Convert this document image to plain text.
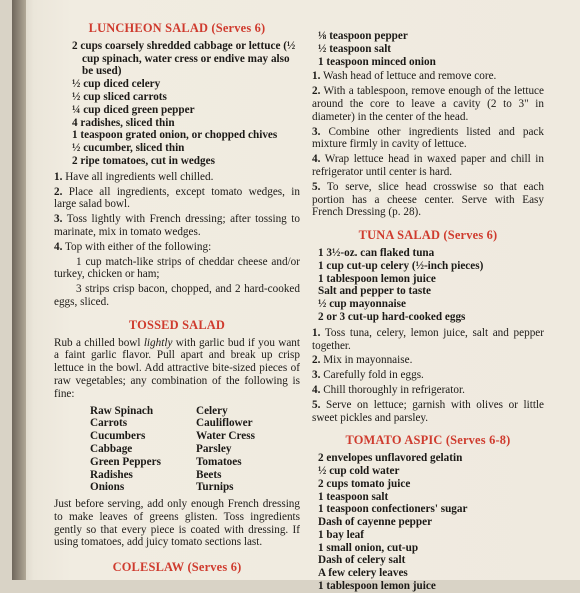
LUNCHEON SALAD (Serves 6)

2 cups coarsely shredded cabbage or lettuce (½ cup spinach, water cress or endive may also be used)

½ cup diced celery

½ cup sliced carrots

¼ cup diced green pepper

4 radishes, sliced thin

1 teaspoon grated onion, or chopped chives

½ cucumber, sliced thin

2 ripe tomatoes, cut in wedges

1. Have all ingredients well chilled.

2. Place all ingredients, except tomato wedges, in large salad bowl.

3. Toss lightly with French dressing; after tossing to marinate, mix in tomato wedges.

4. Top with either of the following:

1 cup match-like strips of cheddar cheese and/or turkey, chicken or ham;

3 strips crisp bacon, chopped, and 2 hard-cooked eggs, sliced.

TOSSED SALAD

Rub a chilled bowl lightly with garlic bud if you want a faint garlic flavor. Pull apart and break up crisp lettuce in the bowl. Add attractive bite-sized pieces of raw vegetables; any combination of the following is fine:

Raw Spinach
Carrots
Cucumbers
Cabbage
Green Peppers
Radishes
Onions
Celery
Cauliflower
Water Cress
Parsley
Tomatoes
Beets
Turnips

Just before serving, add only enough French dressing to make leaves of greens glisten. Toss ingredients gently so that every piece is coated with dressing. If using tomatoes, add juicy tomato sections last.

COLESLAW (Serves 6)

⅛ teaspoon pepper

½ teaspoon salt

1 teaspoon minced onion

1. Wash head of lettuce and remove core.

2. With a tablespoon, remove enough of the lettuce around the core to leave a cavity (2 to 3" in diameter) in the center of the head.

3. Combine other ingredients listed and pack mixture firmly in cavity of lettuce.

4. Wrap lettuce head in waxed paper and chill in refrigerator until center is hard.

5. To serve, slice head crosswise so that each portion has a cheese center. Serve with Easy French Dressing (p. 28).

TUNA SALAD (Serves 6)

1 3½-oz. can flaked tuna

1 cup cut-up celery (½-inch pieces)

1 tablespoon lemon juice

Salt and pepper to taste

½ cup mayonnaise

2 or 3 cut-up hard-cooked eggs

1. Toss tuna, celery, lemon juice, salt and pepper together.

2. Mix in mayonnaise.

3. Carefully fold in eggs.

4. Chill thoroughly in refrigerator.

5. Serve on lettuce; garnish with olives or little sweet pickles and parsley.

TOMATO ASPIC (Serves 6-8)

2 envelopes unflavored gelatin

½ cup cold water

2 cups tomato juice

1 teaspoon salt

1 teaspoon confectioners' sugar

Dash of cayenne pepper

1 bay leaf

1 small onion, cut-up

Dash of celery salt

A few celery leaves

1 tablespoon lemon juice
